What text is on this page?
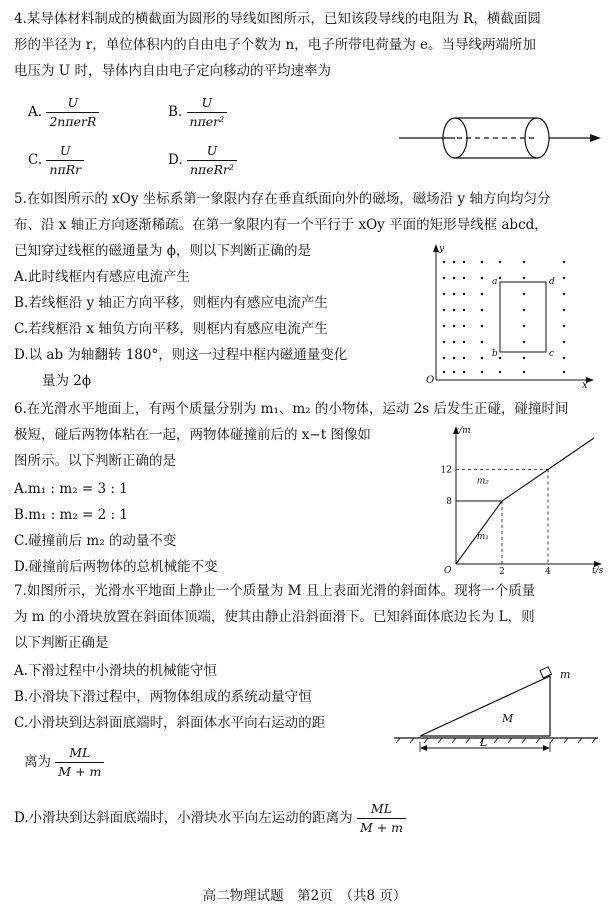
4.某导体材料制成的横截面为圆形的导线如图所示，已知该段导线的电阻为 R，横截面圆
形的半径为 r，单位体积内的自由电子个数为 n，电子所带电荷量为 e。当导线两端所加
电压为 U 时，导体内自由电子定向移动的平均速率为
A. $\frac{U}{\text{2nπerR}}$	B. $\frac{U}{\text{nπer²}}$
C. $\frac{U}{\text{nπRr}}$	D. $\frac{U}{\text{nπeRr²}}$
5.在如图所示的 xOy 坐标系第一象限内存在垂直纸面向外的磁场，磁场沿 y 轴方向均匀分
布、沿 x 轴正方向逐渐稀疏。在第一象限内有一个平行于 xOy 平面的矩形导线框 abcd，
已知穿过线框的磁通量为 ϕ，则以下判断正确的是
A.此时线框内有感应电流产生
B.若线框沿 y 轴正方向平移，则框内有感应电流产生
C.若线框沿 x 轴负方向平移，则框内有感应电流产生
D.以 ab 为轴翻转 180°，则这一过程中框内磁通量变化
量为 2ϕ
y
x
O
a
b	c
d
6.在光滑水平地面上，有两个质量分别为 m₁、m₂ 的小物体，运动 2s 后发生正碰，碰撞时间
极短，碰后两物体粘在一起，两物体碰撞前后的 x−t 图像如
图所示。以下判断正确的是
A.m₁ : m₂ = 3 : 1
B.m₁ : m₂ = 2 : 1
C.碰撞前后 m₂ 的动量不变
D.碰撞前后两物体的总机械能不变
x/m
t/s
O
m₂
m₁
8
12
2	4
7.如图所示，光滑水平地面上静止一个质量为 M 且上表面光滑的斜面体。现将一个质量
为 m 的小滑块放置在斜面体顶端，使其由静止沿斜面滑下。已知斜面体底边长为 L，则
以下判断正确是
A.下滑过程中小滑块的机械能守恒
B.小滑块下滑过程中，两物体组成的系统动量守恒
C.小滑块到达斜面底端时，斜面体水平向右运动的距
离为 $\frac{ML}{M + m}$
D.小滑块到达斜面底端时，小滑块水平向左运动的距离为 $\frac{ML}{M + m}$
m
M
L
高二物理试题　第2页　（共8 页）
